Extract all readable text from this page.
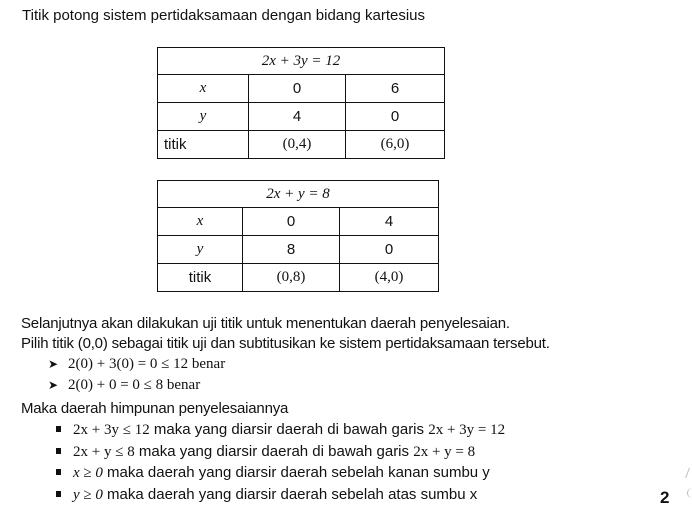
Titik potong sistem pertidaksamaan dengan bidang kartesius
2x + 3y = 12		
x	0	6
y	4	0
titik	(0,4)	(6,0)
2x + y = 8		
x	0	4
y	8	0
titik	(0,8)	(4,0)
Selanjutnya akan dilakukan uji titik untuk menentukan daerah penyelesaian.
Pilih titik (0,0) sebagai titik uji dan subtitusikan ke sistem pertidaksamaan tersebut.
➤ 2(0) + 3(0) = 0 ≤ 12 benar
➤ 2(0) + 0 = 0 ≤ 8 benar
Maka daerah himpunan penyelesaiannya
2x + 3y ≤ 12 maka yang diarsir daerah di bawah garis 2x + 3y = 12
2x + y ≤ 8 maka yang diarsir daerah di bawah garis 2x + y = 8
x ≥ 0 maka daerah yang diarsir daerah sebelah kanan sumbu y
y ≥ 0 maka daerah yang diarsir daerah sebelah atas sumbu x	2
